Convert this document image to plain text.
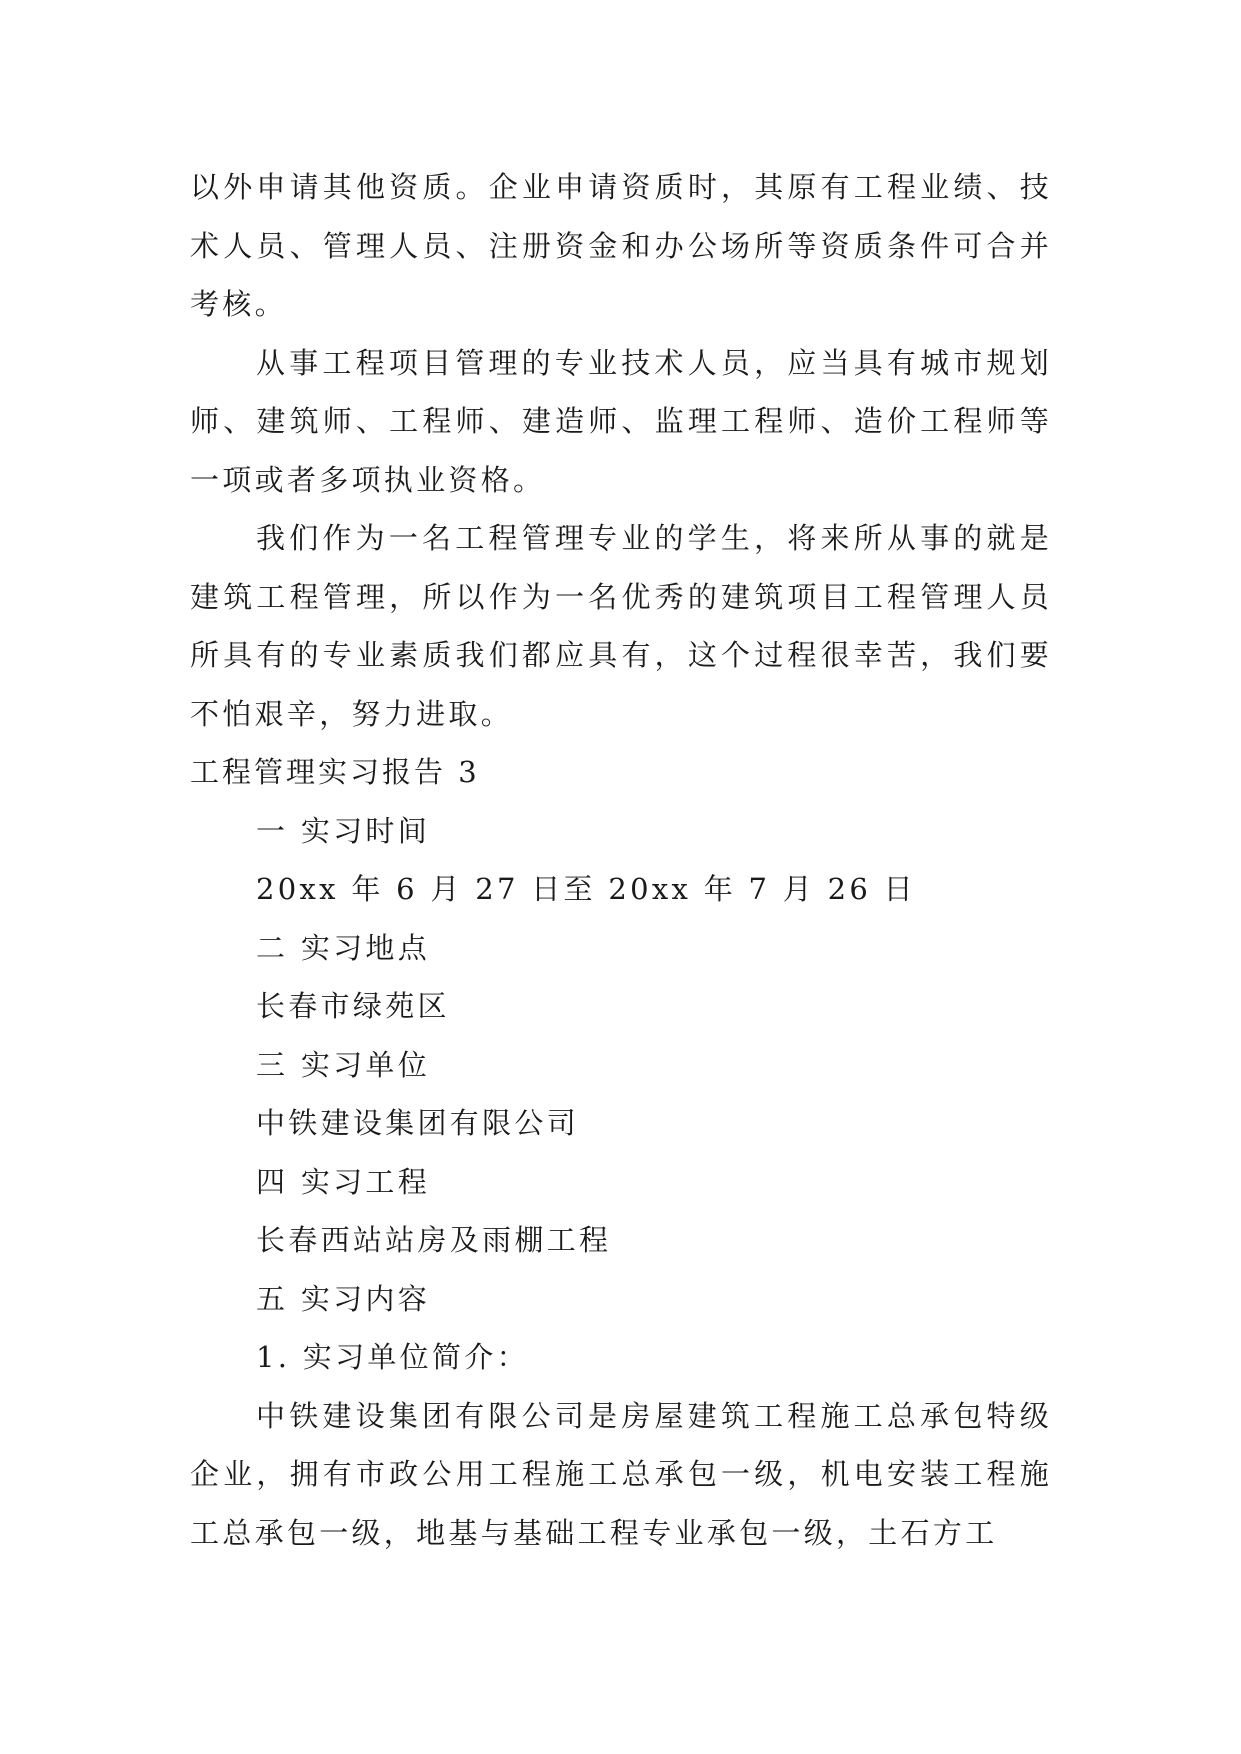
以外申请其他资质。企业申请资质时，其原有工程业绩、技术人员、管理人员、注册资金和办公场所等资质条件可合并考核。

从事工程项目管理的专业技术人员，应当具有城市规划师、建筑师、工程师、建造师、监理工程师、造价工程师等一项或者多项执业资格。

我们作为一名工程管理专业的学生，将来所从事的就是建筑工程管理，所以作为一名优秀的建筑项目工程管理人员所具有的专业素质我们都应具有，这个过程很幸苦，我们要不怕艰辛，努力进取。

工程管理实习报告 3

一 实习时间

20xx 年 6 月 27 日至 20xx 年 7 月 26 日

二 实习地点

长春市绿苑区

三 实习单位

中铁建设集团有限公司

四 实习工程

长春西站站房及雨棚工程

五 实习内容

1. 实习单位简介：

中铁建设集团有限公司是房屋建筑工程施工总承包特级企业，拥有市政公用工程施工总承包一级，机电安装工程施工总承包一级，地基与基础工程专业承包一级，土石方工
